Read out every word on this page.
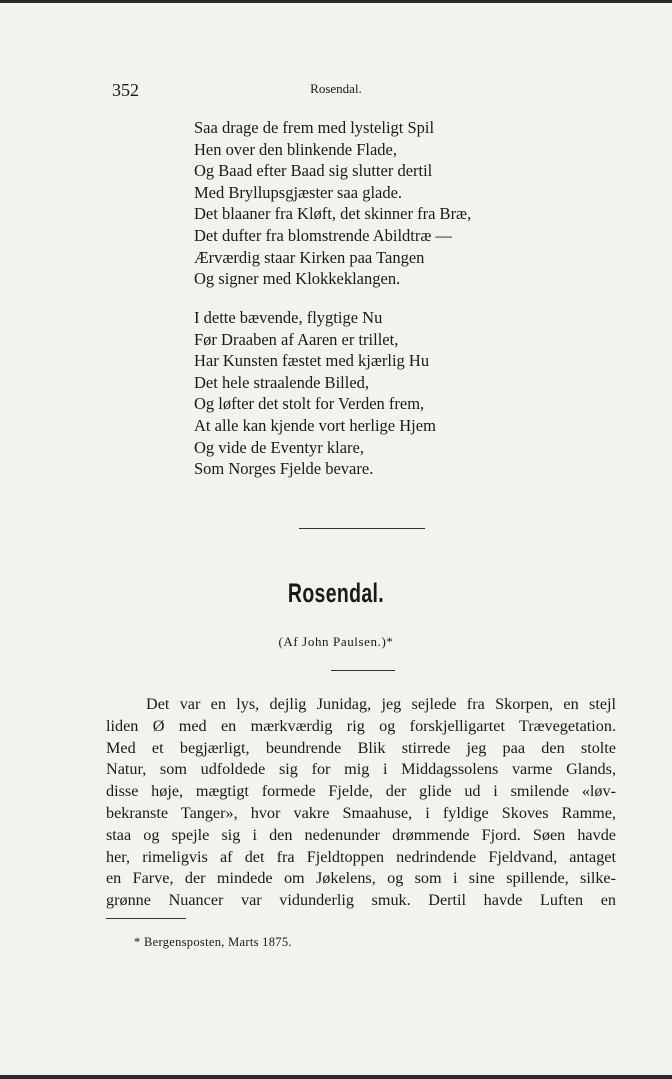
352	Rosendal.
Saa drage de frem med lysteligt Spil
Hen over den blinkende Flade,
Og Baad efter Baad sig slutter dertil
Med Bryllupsgjæster saa glade.
Det blaaner fra Kløft, det skinner fra Bræ,
Det dufter fra blomstrende Abildtræ —
Ærværdig staar Kirken paa Tangen
Og signer med Klokkeklangen.
I dette bævende, flygtige Nu
Før Draaben af Aaren er trillet,
Har Kunsten fæstet med kjærlig Hu
Det hele straalende Billed,
Og løfter det stolt for Verden frem,
At alle kan kjende vort herlige Hjem
Og vide de Eventyr klare,
Som Norges Fjelde bevare.
Rosendal.
(Af John Paulsen.)*
Det var en lys, dejlig Junidag, jeg sejlede fra Skorpen, en stejl
liden Ø med en mærkværdig rig og forskjelligartet Trævegetation.
Med et begjærligt, beundrende Blik stirrede jeg paa den stolte
Natur, som udfoldede sig for mig i Middagssolens varme Glands,
disse høje, mægtigt formede Fjelde, der glide ud i smilende «løv-
bekranste Tanger», hvor vakre Smaahuse, i fyldige Skoves Ramme,
staa og spejle sig i den nedenunder drømmende Fjord. Søen havde
her, rimeligvis af det fra Fjeldtoppen nedrindende Fjeldvand, antaget
en Farve, der mindede om Jøkelens, og som i sine spillende, silke-
grønne Nuancer var vidunderlig smuk. Dertil havde Luften en
* Bergensposten, Marts 1875.
